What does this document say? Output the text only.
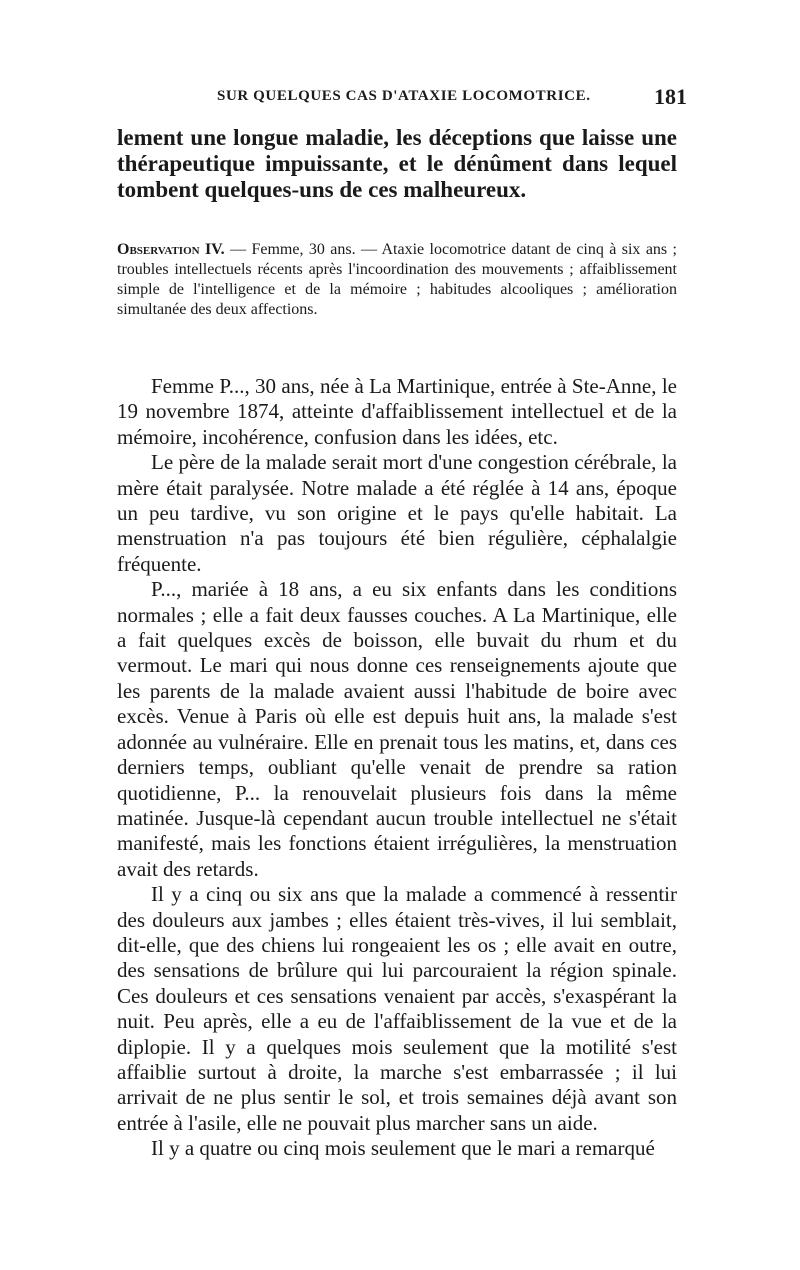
SUR QUELQUES CAS D'ATAXIE LOCOMOTRICE.	181
lement une longue maladie, les déceptions que laisse une thérapeutique impuissante, et le dénûment dans lequel tombent quelques-uns de ces malheureux.

Observation IV. — Femme, 30 ans. — Ataxie locomotrice datant de cinq à six ans ; troubles intellectuels récents après l'incoordination des mouvements ; affaiblissement simple de l'intelligence et de la mémoire ; habitudes alcooliques ; amélioration simultanée des deux affections.

Femme P..., 30 ans, née à La Martinique, entrée à Ste-Anne, le 19 novembre 1874, atteinte d'affaiblissement intellectuel et de la mémoire, incohérence, confusion dans les idées, etc.

Le père de la malade serait mort d'une congestion cérébrale, la mère était paralysée. Notre malade a été réglée à 14 ans, époque un peu tardive, vu son origine et le pays qu'elle habitait. La menstruation n'a pas toujours été bien régulière, céphalalgie fréquente.

P..., mariée à 18 ans, a eu six enfants dans les conditions normales ; elle a fait deux fausses couches. A La Martinique, elle a fait quelques excès de boisson, elle buvait du rhum et du vermout. Le mari qui nous donne ces renseignements ajoute que les parents de la malade avaient aussi l'habitude de boire avec excès. Venue à Paris où elle est depuis huit ans, la malade s'est adonnée au vulnéraire. Elle en prenait tous les matins, et, dans ces derniers temps, oubliant qu'elle venait de prendre sa ration quotidienne, P... la renouvelait plusieurs fois dans la même matinée. Jusque-là cependant aucun trouble intellectuel ne s'était manifesté, mais les fonctions étaient irrégulières, la menstruation avait des retards.

Il y a cinq ou six ans que la malade a commencé à ressentir des douleurs aux jambes ; elles étaient très-vives, il lui semblait, dit-elle, que des chiens lui rongeaient les os ; elle avait en outre, des sensations de brûlure qui lui parcouraient la région spinale. Ces douleurs et ces sensations venaient par accès, s'exaspérant la nuit. Peu après, elle a eu de l'affaiblissement de la vue et de la diplopie. Il y a quelques mois seulement que la motilité s'est affaiblie surtout à droite, la marche s'est embarrassée ; il lui arrivait de ne plus sentir le sol, et trois semaines déjà avant son entrée à l'asile, elle ne pouvait plus marcher sans un aide.

Il y a quatre ou cinq mois seulement que le mari a remarqué
